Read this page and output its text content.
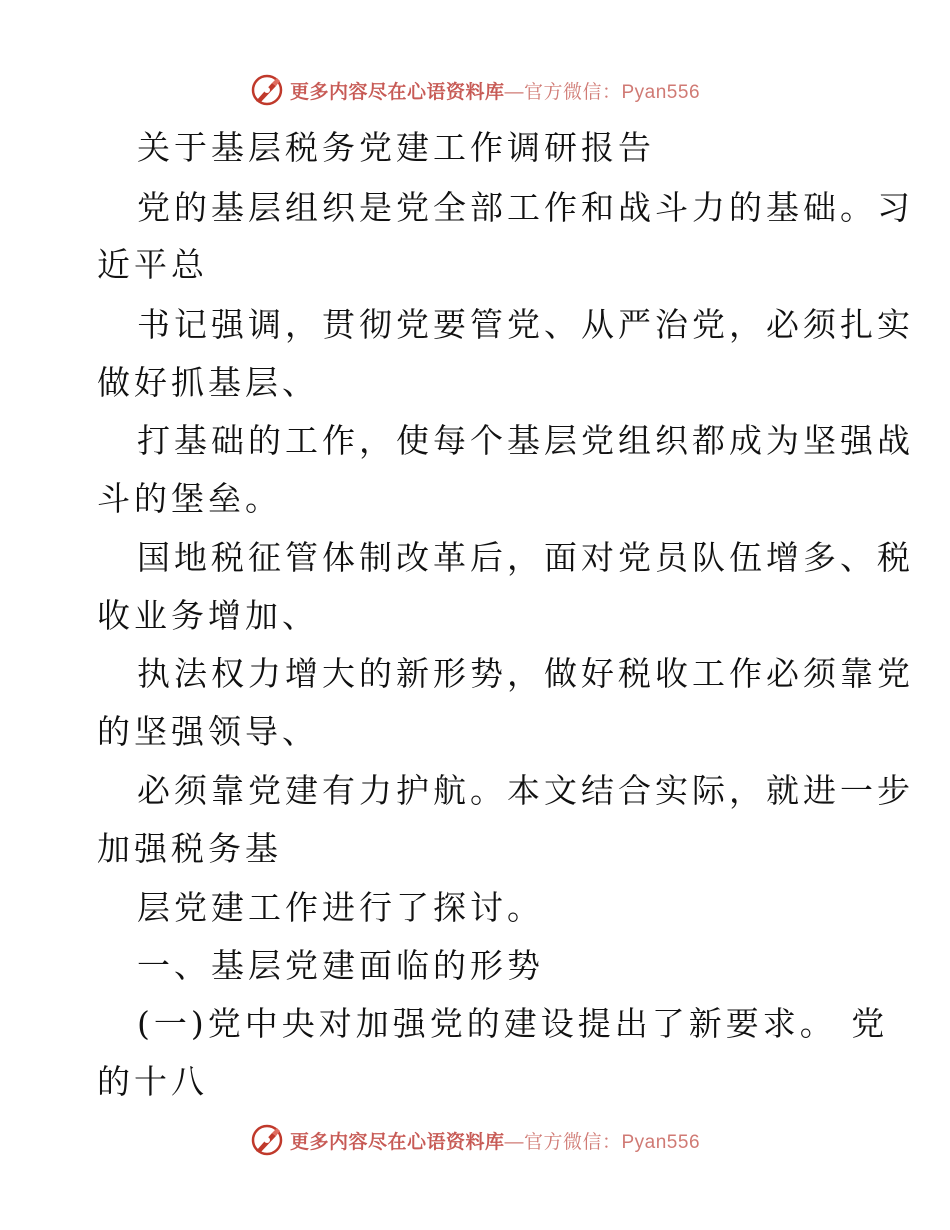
更多内容尽在心语资料库—官方微信：Pyan556
关于基层税务党建工作调研报告
党的基层组织是党全部工作和战斗力的基础。习
近平总
书记强调，贯彻党要管党、从严治党，必须扎实
做好抓基层、
打基础的工作，使每个基层党组织都成为坚强战
斗的堡垒。
国地税征管体制改革后，面对党员队伍增多、税
收业务增加、
执法权力增大的新形势，做好税收工作必须靠党
的坚强领导、
必须靠党建有力护航。本文结合实际，就进一步
加强税务基
层党建工作进行了探讨。
一、基层党建面临的形势
(一)党中央对加强党的建设提出了新要求。 党
的十八
更多内容尽在心语资料库—官方微信：Pyan556
